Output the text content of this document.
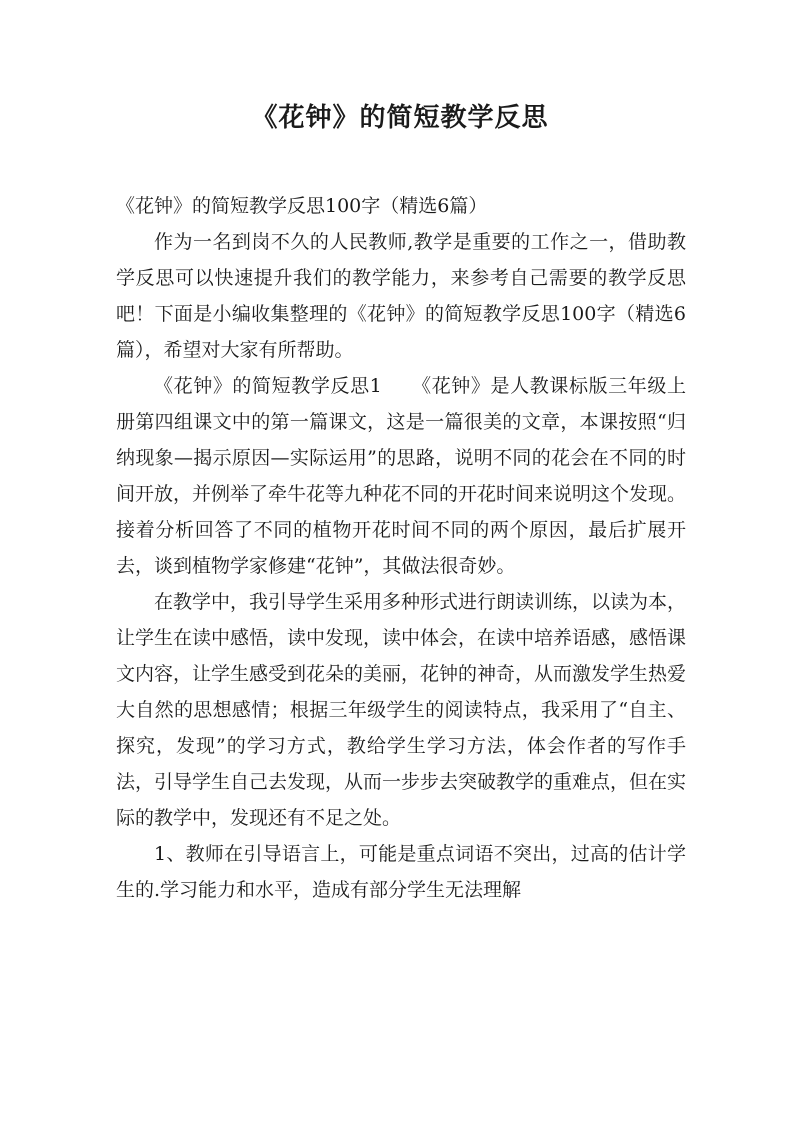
《花钟》的简短教学反思

《花钟》的简短教学反思100字（精选6篇）

作为一名到岗不久的人民教师,教学是重要的工作之一，借助教学反思可以快速提升我们的教学能力，来参考自己需要的教学反思吧！下面是小编收集整理的《花钟》的简短教学反思100字（精选6篇），希望对大家有所帮助。

《花钟》的简短教学反思1　　《花钟》是人教课标版三年级上册第四组课文中的第一篇课文，这是一篇很美的文章，本课按照“归纳现象—揭示原因—实际运用”的思路，说明不同的花会在不同的时间开放，并例举了牵牛花等九种花不同的开花时间来说明这个发现。接着分析回答了不同的植物开花时间不同的两个原因，最后扩展开去，谈到植物学家修建“花钟”，其做法很奇妙。

在教学中，我引导学生采用多种形式进行朗读训练，以读为本，让学生在读中感悟，读中发现，读中体会，在读中培养语感，感悟课文内容，让学生感受到花朵的美丽，花钟的神奇，从而激发学生热爱大自然的思想感情；根据三年级学生的阅读特点，我采用了“自主、探究，发现”的学习方式，教给学生学习方法，体会作者的写作手法，引导学生自己去发现，从而一步步去突破教学的重难点，但在实际的教学中，发现还有不足之处。

1、教师在引导语言上，可能是重点词语不突出，过高的估计学生的.学习能力和水平，造成有部分学生无法理解
